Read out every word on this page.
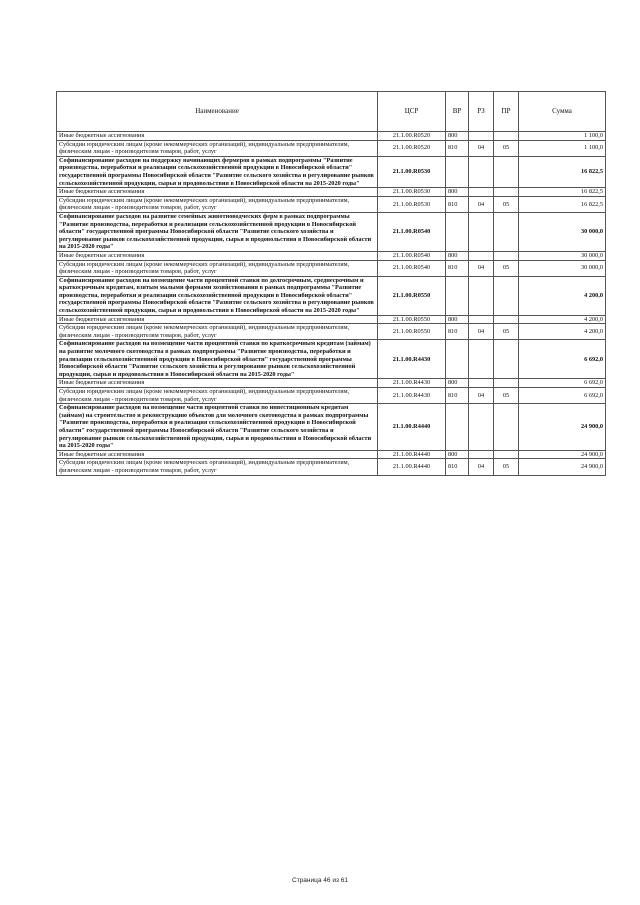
Наименование	ЦСР	ВР	РЗ	ПР	Сумма
Иные бюджетные ассигнования	21.1.00.R0520	800			1 100,0
Субсидии юридическим лицам (кроме некоммерческих организаций), индивидуальным предпринимателям, физическим лицам - производителям товаров, работ, услуг	21.1.00.R0520	810	04	05	1 100,0
Софинансирование расходов на поддержку начинающих фермеров в рамках подпрограммы "Развитие производства, переработки и реализации сельскохозяйственной продукции в Новосибирской области" государственной программы Новосибирской области "Развитие сельского хозяйства и регулирование рынков сельскохозяйственной продукции, сырья и продовольствия в Новосибирской области на 2015-2020 годы"	21.1.00.R0530				16 822,5
Иные бюджетные ассигнования	21.1.00.R0530	800			16 822,5
Субсидии юридическим лицам (кроме некоммерческих организаций), индивидуальным предпринимателям, физическим лицам - производителям товаров, работ, услуг	21.1.00.R0530	810	04	05	16 822,5
Софинансирование расходов на развитие семейных животноводческих ферм в рамках подпрограммы "Развитие производства, переработки и реализации сельскохозяйственной продукции в Новосибирской области" государственной программы Новосибирской области "Развитие сельского хозяйства и регулирование рынков сельскохозяйственной продукции, сырья и продовольствия в Новосибирской области на 2015-2020 годы"	21.1.00.R0540				30 000,0
Иные бюджетные ассигнования	21.1.00.R0540	800			30 000,0
Субсидии юридическим лицам (кроме некоммерческих организаций), индивидуальным предпринимателям, физическим лицам - производителям товаров, работ, услуг	21.1.00.R0540	810	04	05	30 000,0
Софинансирование расходов на возмещение части процентной ставки по долгосрочным, среднесрочным и краткосрочным кредитам, взятым малыми формами хозяйствования в рамках подпрограммы "Развитие производства, переработки и реализации сельскохозяйственной продукции в Новосибирской области" государственной программы Новосибирской области "Развитие сельского хозяйства и регулирование рынков сельскохозяйственной продукции, сырья и продовольствия в Новосибирской области на 2015-2020 годы"	21.1.00.R0550				4 200,0
Иные бюджетные ассигнования	21.1.00.R0550	800			4 200,0
Субсидии юридическим лицам (кроме некоммерческих организаций), индивидуальным предпринимателям, физическим лицам - производителям товаров, работ, услуг	21.1.00.R0550	810	04	05	4 200,0
Софинансирование расходов на возмещение части процентной ставки по краткосрочным кредитам (займам) на развитие молочного скотоводства в рамках подпрограммы "Развитие производства, переработки и реализации сельскохозяйственной продукции в Новосибирской области" государственной программы Новосибирской области "Развитие сельского хозяйства и регулирование рынков сельскохозяйственной продукции, сырья и продовольствия в Новосибирской области на 2015-2020 годы"	21.1.00.R4430				6 692,0
Иные бюджетные ассигнования	21.1.00.R4430	800			6 692,0
Субсидии юридическим лицам (кроме некоммерческих организаций), индивидуальным предпринимателям, физическим лицам - производителям товаров, работ, услуг	21.1.00.R4430	810	04	05	6 692,0
Софинансирование расходов на возмещение части процентной ставки по инвестиционным кредитам (займам) на строительство и реконструкцию объектов для молочного скотоводства в рамках подпрограммы "Развитие производства, переработки и реализация сельскохозяйственной продукции в Новосибирской области" государственной программы Новосибирской области "Развитие сельского хозяйства и регулирование рынков сельскохозяйственной продукции, сырья и продовольствия в Новосибирской области на 2015-2020 годы"	21.1.00.R4440				24 900,0
Иные бюджетные ассигнования	21.1.00.R4440	800			24 900,0
Субсидии юридическим лицам (кроме некоммерческих организаций), индивидуальным предпринимателям, физическим лицам - производителям товаров, работ, услуг	21.1.00.R4440	810	04	05	24 900,0
Страница 46 из 61
